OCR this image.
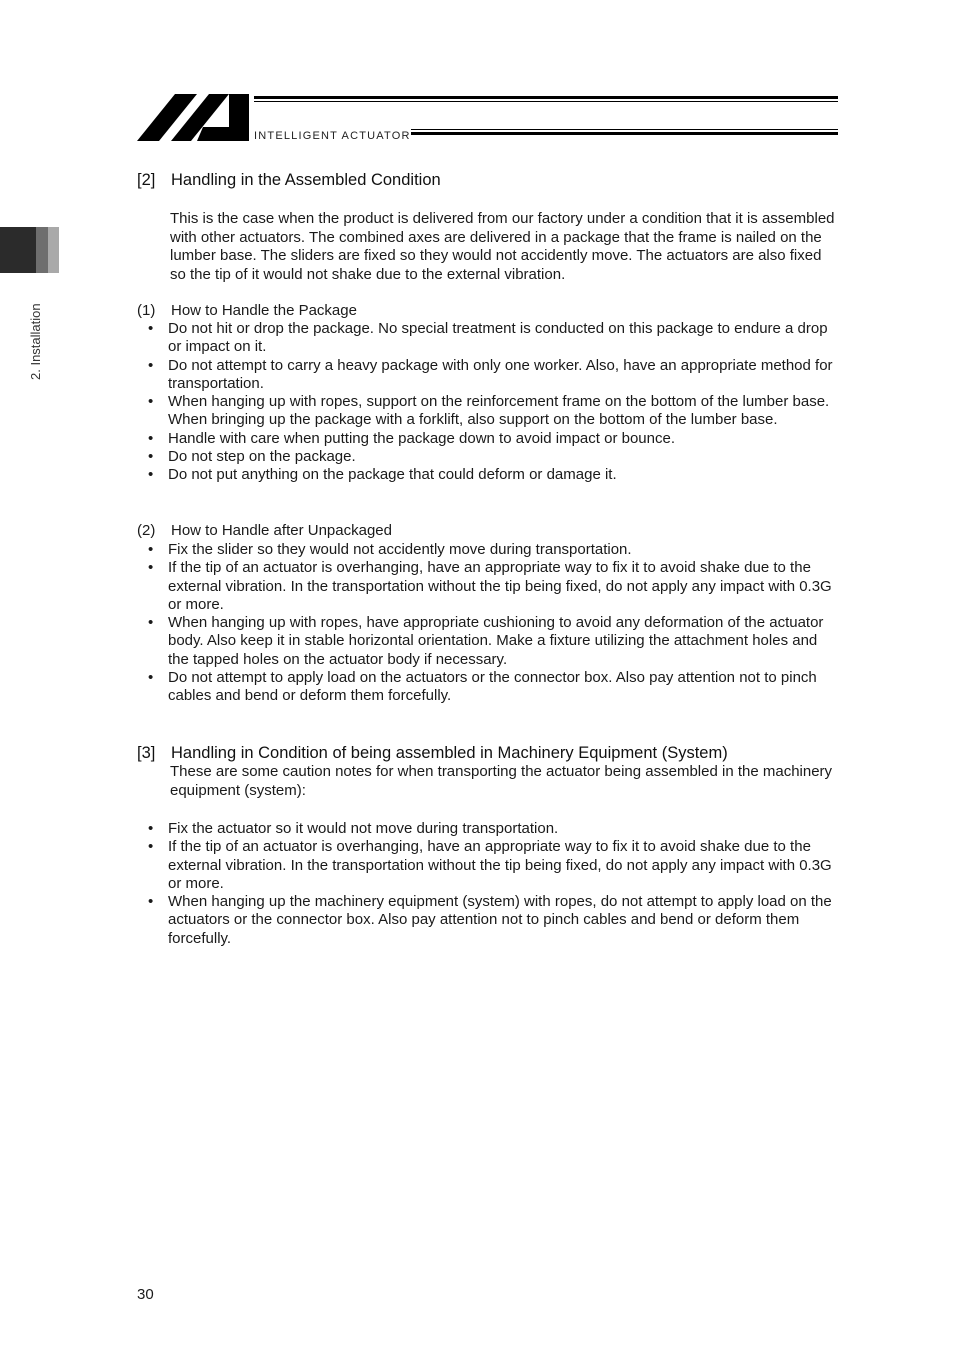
INTELLIGENT ACTUATOR
2. Installation
[2] Handling in the Assembled Condition
This is the case when the product is delivered from our factory under a condition that it is assembled with other actuators. The combined axes are delivered in a package that the frame is nailed on the lumber base. The sliders are fixed so they would not accidently move. The actuators are also fixed so the tip of it would not shake due to the external vibration.
(1) How to Handle the Package
• Do not hit or drop the package. No special treatment is conducted on this package to endure a drop or impact on it.
• Do not attempt to carry a heavy package with only one worker. Also, have an appropriate method for transportation.
• When hanging up with ropes, support on the reinforcement frame on the bottom of the lumber base. When bringing up the package with a forklift, also support on the bottom of the lumber base.
• Handle with care when putting the package down to avoid impact or bounce.
• Do not step on the package.
• Do not put anything on the package that could deform or damage it.
(2) How to Handle after Unpackaged
• Fix the slider so they would not accidently move during transportation.
• If the tip of an actuator is overhanging, have an appropriate way to fix it to avoid shake due to the external vibration. In the transportation without the tip being fixed, do not apply any impact with 0.3G or more.
• When hanging up with ropes, have appropriate cushioning to avoid any deformation of the actuator body. Also keep it in stable horizontal orientation. Make a fixture utilizing the attachment holes and the tapped holes on the actuator body if necessary.
• Do not attempt to apply load on the actuators or the connector box. Also pay attention not to pinch cables and bend or deform them forcefully.
[3] Handling in Condition of being assembled in Machinery Equipment (System)
These are some caution notes for when transporting the actuator being assembled in the machinery equipment (system):
• Fix the actuator so it would not move during transportation.
• If the tip of an actuator is overhanging, have an appropriate way to fix it to avoid shake due to the external vibration. In the transportation without the tip being fixed, do not apply any impact with 0.3G or more.
• When hanging up the machinery equipment (system) with ropes, do not attempt to apply load on the actuators or the connector box. Also pay attention not to pinch cables and bend or deform them forcefully.
30
